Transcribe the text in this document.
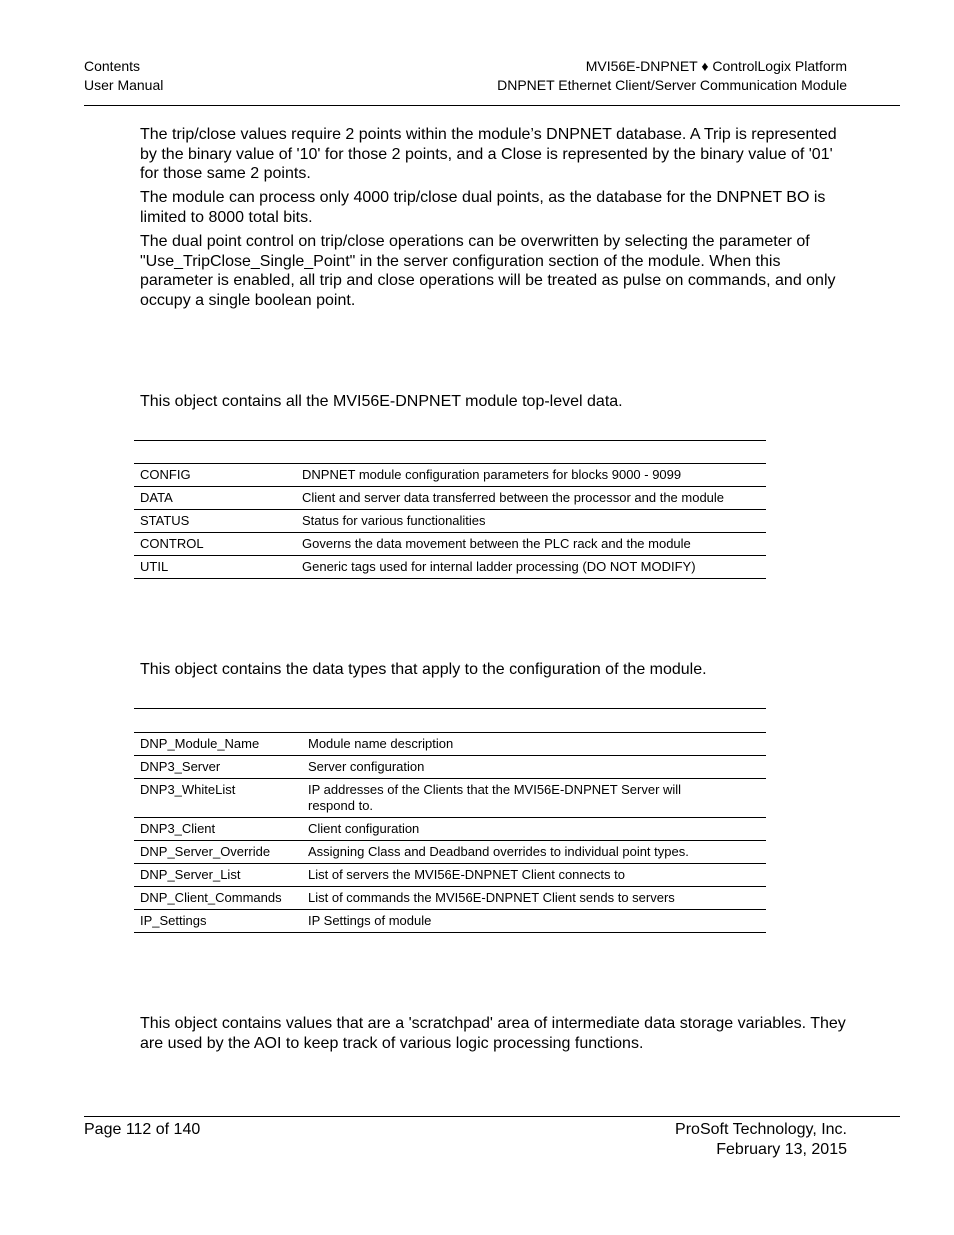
Contents
User Manual
MVI56E-DNPNET ♦ ControlLogix Platform
DNPNET Ethernet Client/Server Communication Module

The trip/close values require 2 points within the module’s DNPNET database. A Trip is represented by the binary value of '10' for those 2 points, and a Close is represented by the binary value of '01' for those same 2 points.

The module can process only 4000 trip/close dual points, as the database for the DNPNET BO is limited to 8000 total bits.

The dual point control on trip/close operations can be overwritten by selecting the parameter of "Use_TripClose_Single_Point" in the server configuration section of the module. When this parameter is enabled, all trip and close operations will be treated as pulse on commands, and only occupy a single boolean point.

This object contains all the MVI56E-DNPNET module top-level data.

CONFIG	DNPNET module configuration parameters for blocks 9000 - 9099
DATA	Client and server data transferred between the processor and the module
STATUS	Status for various functionalities
CONTROL	Governs the data movement between the PLC rack and the module
UTIL	Generic tags used for internal ladder processing (DO NOT MODIFY)

This object contains the data types that apply to the configuration of the module.

DNP_Module_Name	Module name description
DNP3_Server	Server configuration
DNP3_WhiteList	IP addresses of the Clients that the MVI56E-DNPNET Server will respond to.
DNP3_Client	Client configuration
DNP_Server_Override	Assigning Class and Deadband overrides to individual point types.
DNP_Server_List	List of servers the MVI56E-DNPNET Client connects to
DNP_Client_Commands	List of commands the MVI56E-DNPNET Client sends to servers
IP_Settings	IP Settings of module

This object contains values that are a 'scratchpad' area of intermediate data storage variables. They are used by the AOI to keep track of various logic processing functions.

Page 112 of 140	ProSoft Technology, Inc.
February 13, 2015
